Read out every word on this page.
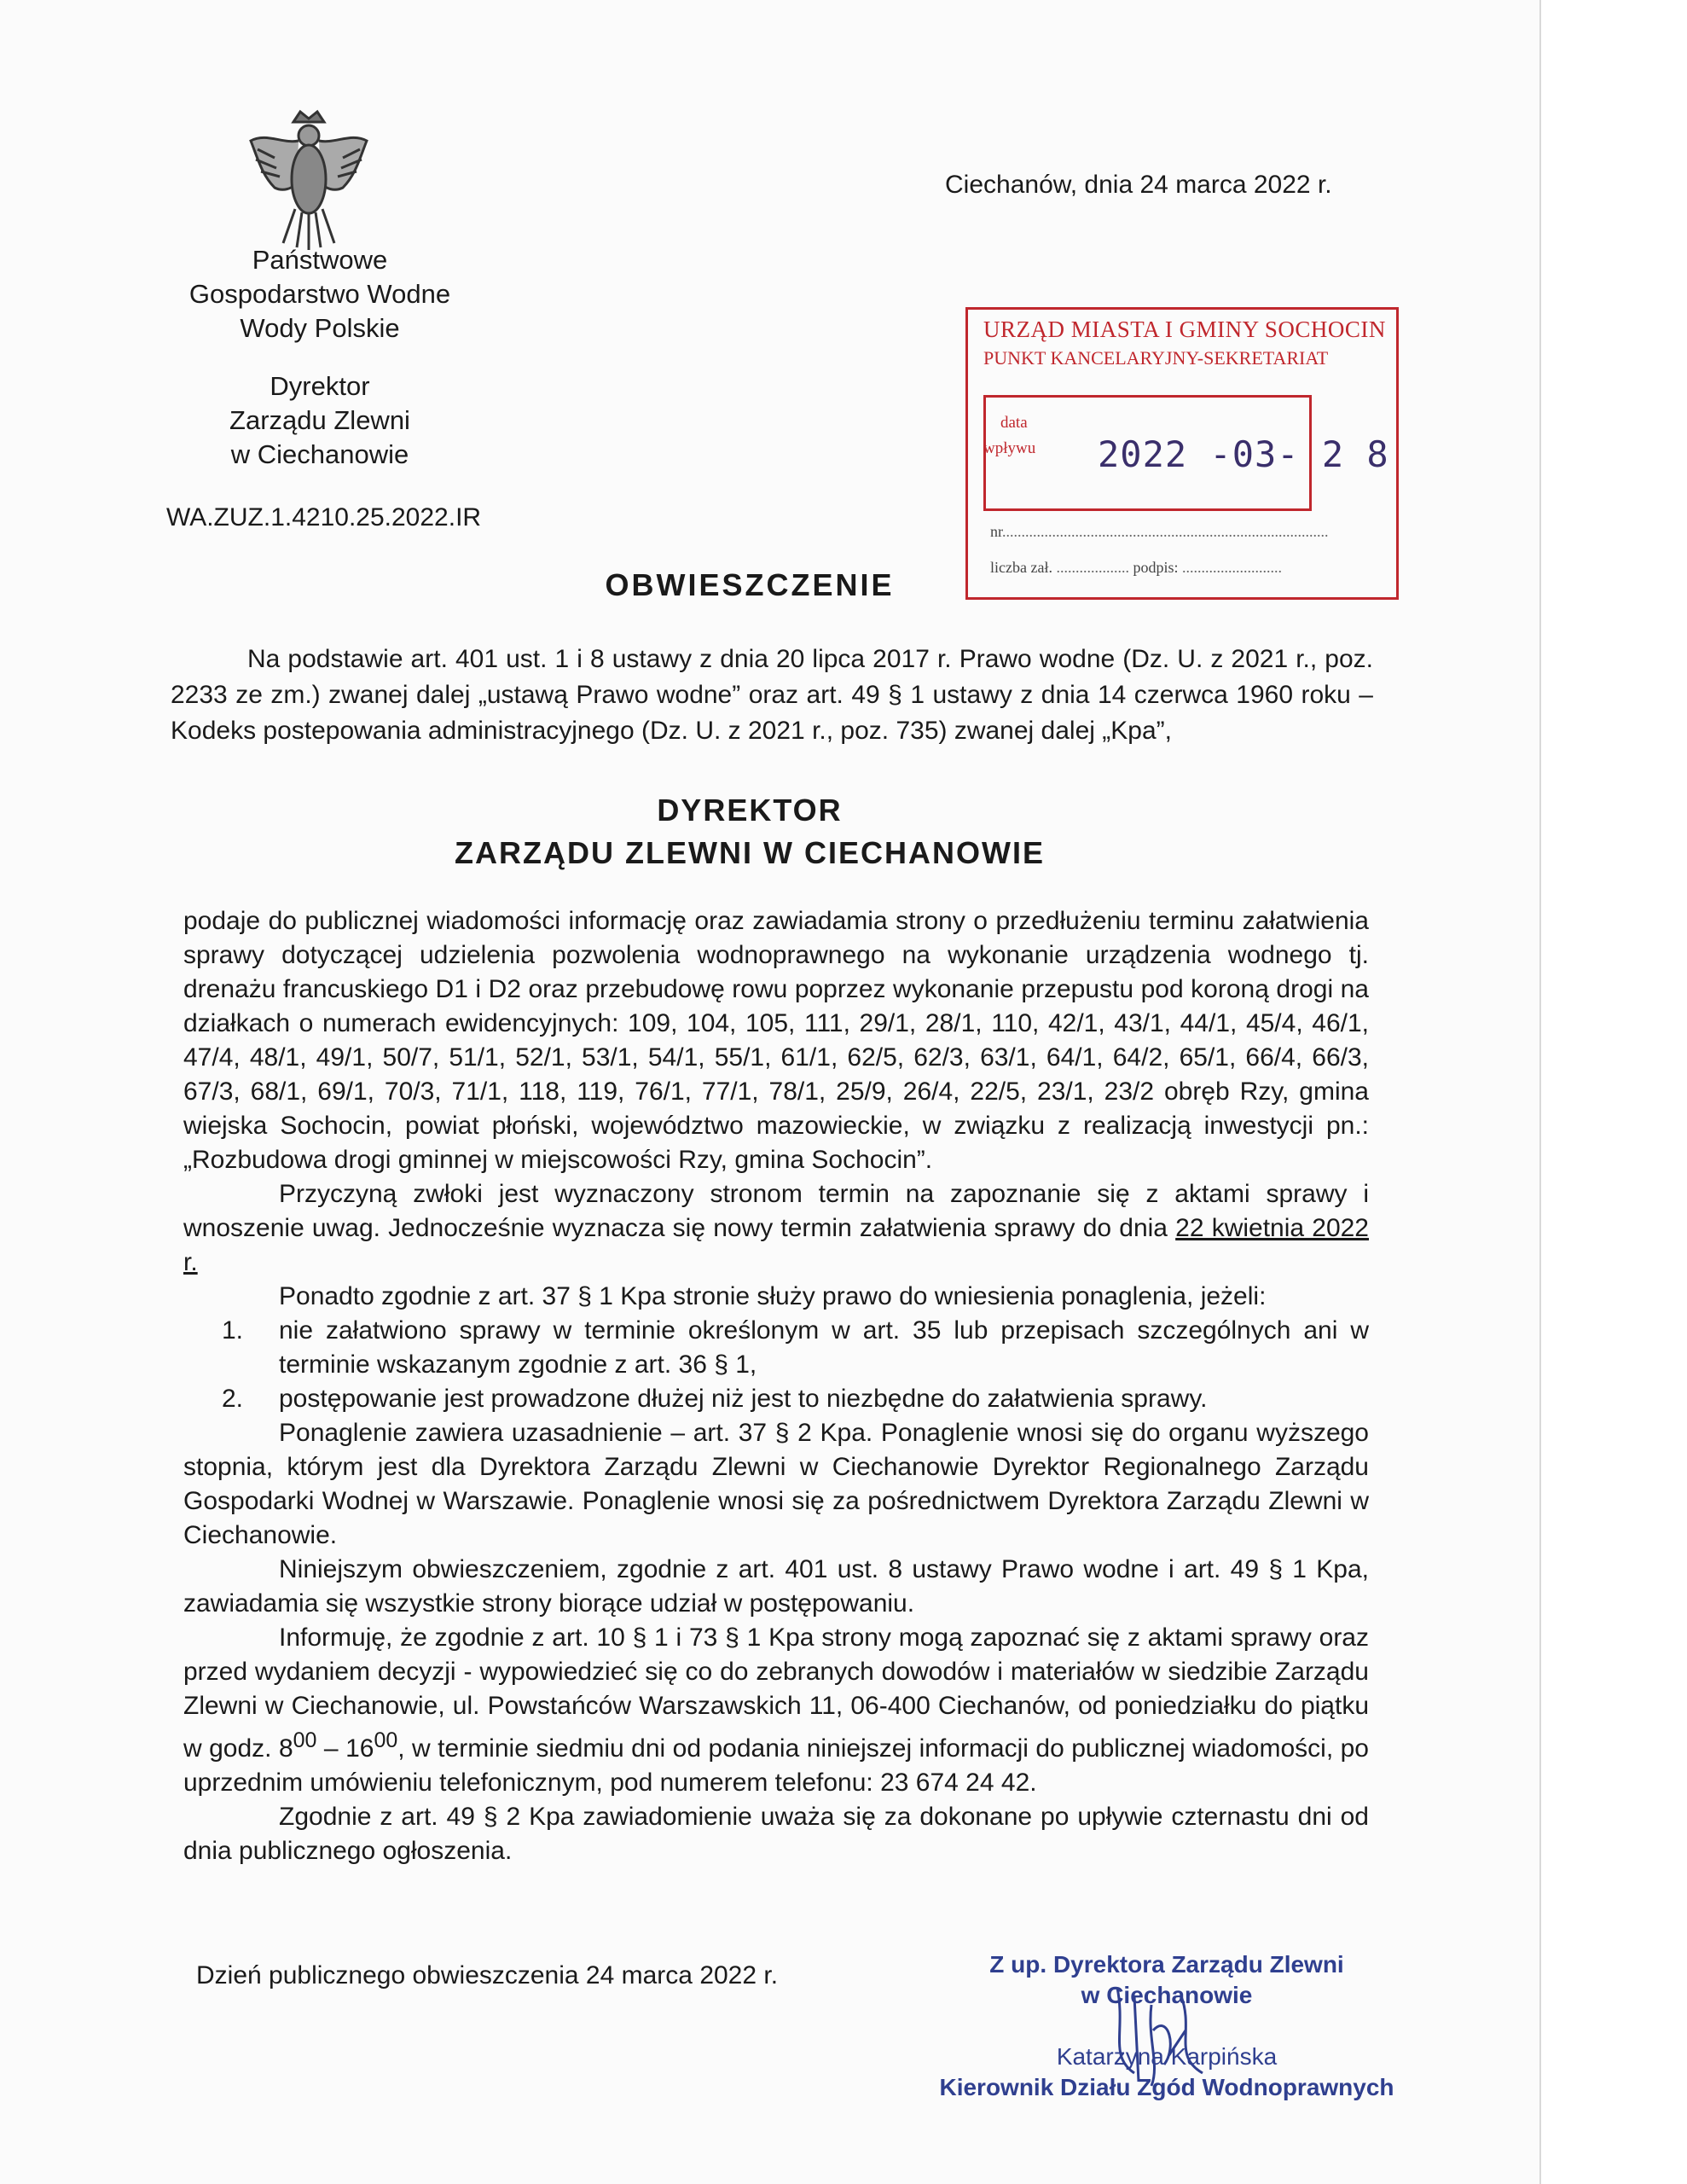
Państwowe
Gospodarstwo Wodne
Wody Polskie
Dyrektor
Zarządu Zlewni
w Ciechanowie
WA.ZUZ.1.4210.25.2022.IR
Ciechanów, dnia 24 marca 2022 r.
URZĄD MIASTA I GMINY SOCHOCIN
PUNKT KANCELARYJNY-SEKRETARIAT
data
wpływu 2022 -03- 2 8
nr.....................................................................................
liczba zał. ................... podpis: ..........................
OBWIESZCZENIE
Na podstawie art. 401 ust. 1 i 8 ustawy z dnia 20 lipca 2017 r. Prawo wodne (Dz. U. z 2021 r., poz. 2233 ze zm.) zwanej dalej „ustawą Prawo wodne” oraz art. 49 § 1 ustawy z dnia 14 czerwca 1960 roku – Kodeks postepowania administracyjnego (Dz. U. z 2021 r., poz. 735) zwanej dalej „Kpa”,
DYREKTOR
ZARZĄDU ZLEWNI W CIECHANOWIE

podaje do publicznej wiadomości informację oraz zawiadamia strony o przedłużeniu terminu załatwienia sprawy dotyczącej udzielenia pozwolenia wodnoprawnego na wykonanie urządzenia wodnego tj. drenażu francuskiego D1 i D2 oraz przebudowę rowu poprzez wykonanie przepustu pod koroną drogi na działkach o numerach ewidencyjnych: 109, 104, 105, 111, 29/1, 28/1, 110, 42/1, 43/1, 44/1, 45/4, 46/1, 47/4, 48/1, 49/1, 50/7, 51/1, 52/1, 53/1, 54/1, 55/1, 61/1, 62/5, 62/3, 63/1, 64/1, 64/2, 65/1, 66/4, 66/3, 67/3, 68/1, 69/1, 70/3, 71/1, 118, 119, 76/1, 77/1, 78/1, 25/9, 26/4, 22/5, 23/1, 23/2 obręb Rzy, gmina wiejska Sochocin, powiat płoński, województwo mazowieckie, w związku z realizacją inwestycji pn.: „Rozbudowa drogi gminnej w miejscowości Rzy, gmina Sochocin”.

Przyczyną zwłoki jest wyznaczony stronom termin na zapoznanie się z aktami sprawy i wnoszenie uwag. Jednocześnie wyznacza się nowy termin załatwienia sprawy do dnia 22 kwietnia 2022 r.

Ponadto zgodnie z art. 37 § 1 Kpa stronie służy prawo do wniesienia ponaglenia, jeżeli:

1. nie załatwiono sprawy w terminie określonym w art. 35 lub przepisach szczególnych ani w terminie wskazanym zgodnie z art. 36 § 1,
2. postępowanie jest prowadzone dłużej niż jest to niezbędne do załatwienia sprawy.

Ponaglenie zawiera uzasadnienie – art. 37 § 2 Kpa. Ponaglenie wnosi się do organu wyższego stopnia, którym jest dla Dyrektora Zarządu Zlewni w Ciechanowie Dyrektor Regionalnego Zarządu Gospodarki Wodnej w Warszawie. Ponaglenie wnosi się za pośrednictwem Dyrektora Zarządu Zlewni w Ciechanowie.

Niniejszym obwieszczeniem, zgodnie z art. 401 ust. 8 ustawy Prawo wodne i art. 49 § 1 Kpa, zawiadamia się wszystkie strony biorące udział w postępowaniu.

Informuję, że zgodnie z art. 10 § 1 i 73 § 1 Kpa strony mogą zapoznać się z aktami sprawy oraz przed wydaniem decyzji - wypowiedzieć się co do zebranych dowodów i materiałów w siedzibie Zarządu Zlewni w Ciechanowie, ul. Powstańców Warszawskich 11, 06-400 Ciechanów, od poniedziałku do piątku w godz. $8^{00} - 16^{00}$, w terminie siedmiu dni od podania niniejszej informacji do publicznej wiadomości, po uprzednim umówieniu telefonicznym, pod numerem telefonu: 23 674 24 42.

Zgodnie z art. 49 § 2 Kpa zawiadomienie uważa się za dokonane po upływie czternastu dni od dnia publicznego ogłoszenia.

Dzień publicznego obwieszczenia 24 marca 2022 r.	Z up. Dyrektora Zarządu Zlewni
w Ciechanowie
Katarzyna Karpińska
Kierownik Działu Zgód Wodnoprawnych
